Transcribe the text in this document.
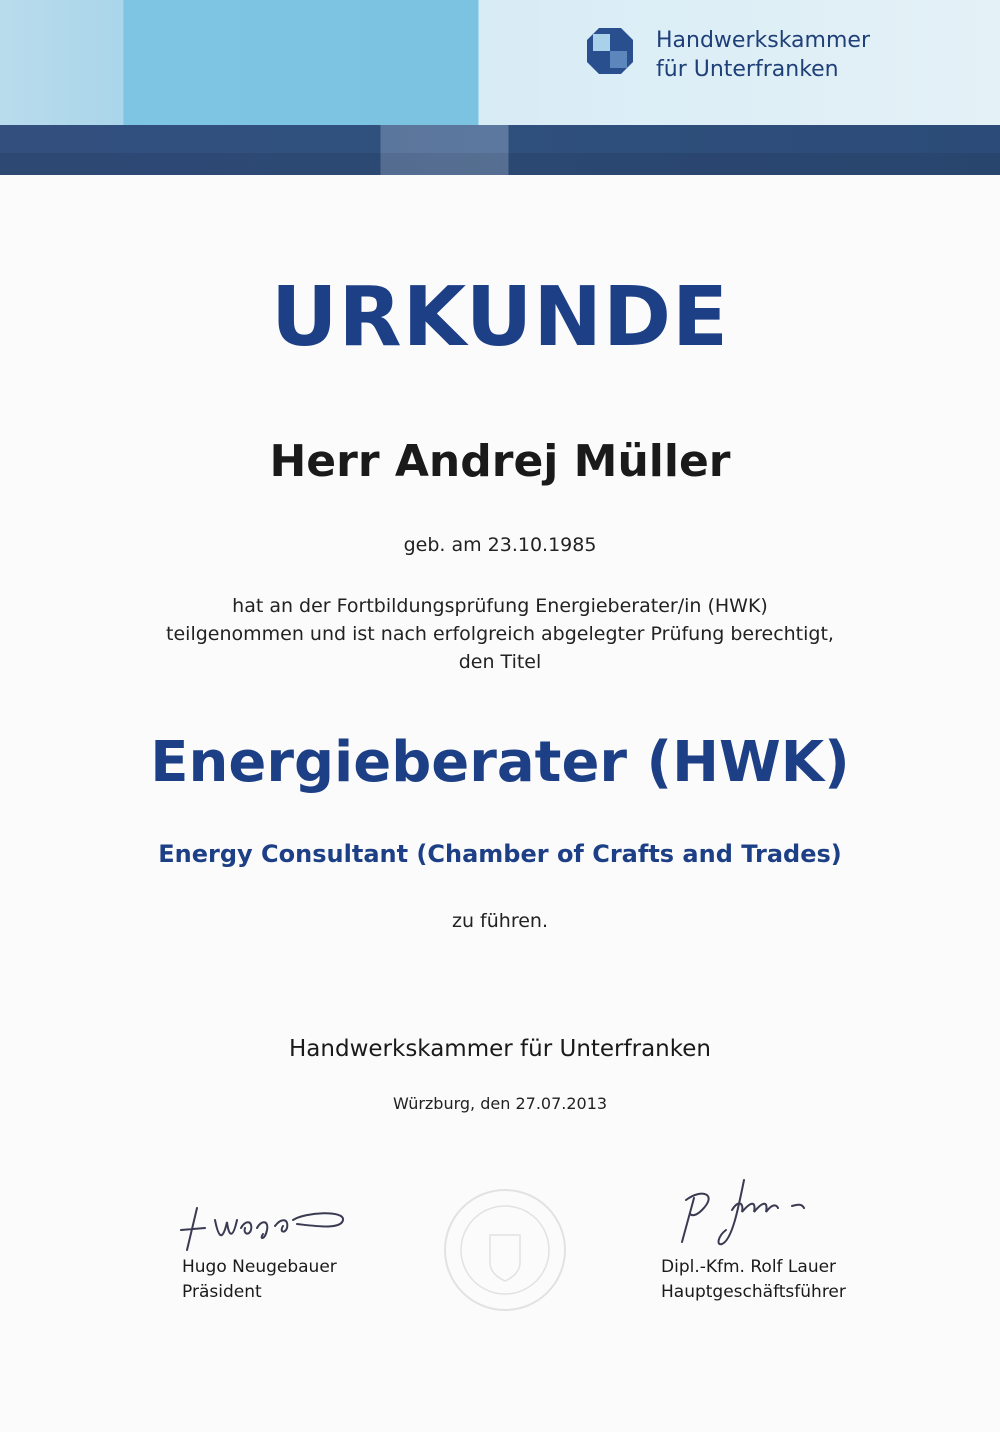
Handwerkskammer
für Unterfranken
URKUNDE
Herr Andrej Müller
geb. am 23.10.1985
hat an der Fortbildungsprüfung Energieberater/in (HWK)
teilgenommen und ist nach erfolgreich abgelegter Prüfung berechtigt,
den Titel
Energieberater (HWK)
Energy Consultant (Chamber of Crafts and Trades)
zu führen.
Handwerkskammer für Unterfranken
Würzburg, den 27.07.2013
Hugo Neugebauer
Präsident
Dipl.-Kfm. Rolf Lauer
Hauptgeschäftsführer
